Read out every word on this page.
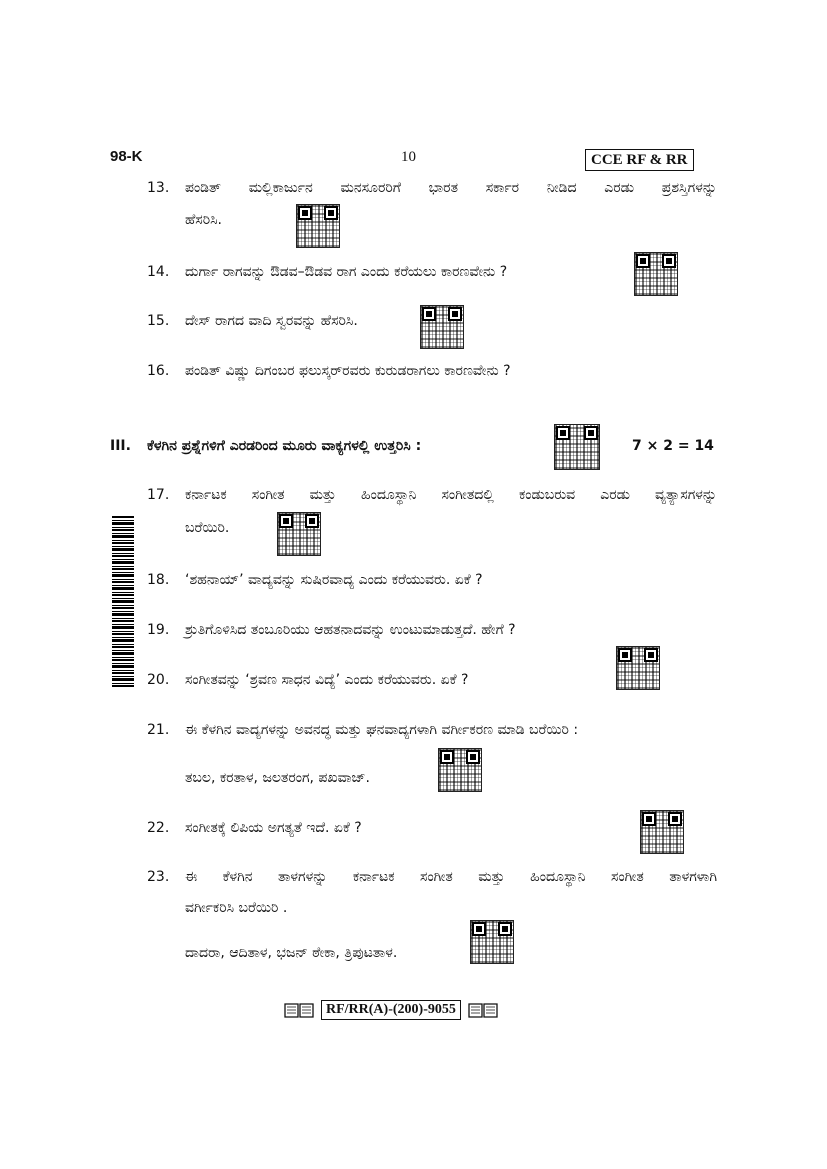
98-K	10	CCE RF & RR
13.	ಪಂಡಿತ್ ಮಲ್ಲಿಕಾರ್ಜುನ ಮನಸೂರರಿಗೆ ಭಾರತ ಸರ್ಕಾರ ನೀಡಿದ ಎರಡು ಪ್ರಶಸ್ತಿಗಳನ್ನು
ಹೆಸರಿಸಿ.
14.	ದುರ್ಗಾ ರಾಗವನ್ನು ಔಡವ–ಔಡವ ರಾಗ ಎಂದು ಕರೆಯಲು ಕಾರಣವೇನು ?
15.	ದೇಸ್ ರಾಗದ ವಾದಿ ಸ್ವರವನ್ನು ಹೆಸರಿಸಿ.
16.	ಪಂಡಿತ್ ವಿಷ್ಣು ದಿಗಂಬರ ಫಲುಸ್ಕರ್‌ರವರು ಕುರುಡರಾಗಲು ಕಾರಣವೇನು ?
III. ಕೆಳಗಿನ ಪ್ರಶ್ನೆಗಳಿಗೆ ಎರಡರಿಂದ ಮೂರು ವಾಕ್ಯಗಳಲ್ಲಿ ಉತ್ತರಿಸಿ :	7 × 2 = 14
17.	ಕರ್ನಾಟಕ ಸಂಗೀತ ಮತ್ತು ಹಿಂದೂಸ್ಥಾನಿ ಸಂಗೀತದಲ್ಲಿ ಕಂಡುಬರುವ ಎರಡು ವ್ಯತ್ಯಾಸಗಳನ್ನು
ಬರೆಯಿರಿ.
18.	‘ಶಹನಾಯ್’ ವಾದ್ಯವನ್ನು ಸುಷಿರವಾದ್ಯ ಎಂದು ಕರೆಯುವರು. ಏಕೆ ?
19.	ಶ್ರುತಿಗೊಳಿಸಿದ ತಂಬೂರಿಯು ಆಹತನಾದವನ್ನು ಉಂಟುಮಾಡುತ್ತದೆ. ಹೇಗೆ ?
20.	ಸಂಗೀತವನ್ನು ‘ಶ್ರವಣ ಸಾಧನ ವಿದ್ಯೆ’ ಎಂದು ಕರೆಯುವರು. ಏಕೆ ?
21.	ಈ ಕೆಳಗಿನ ವಾದ್ಯಗಳನ್ನು ಅವನದ್ಧ ಮತ್ತು ಘನವಾದ್ಯಗಳಾಗಿ ವರ್ಗೀಕರಣ ಮಾಡಿ ಬರೆಯಿರಿ :
ತಬಲ, ಕರತಾಳ, ಜಲತರಂಗ, ಪಖವಾಜ್.
22.	ಸಂಗೀತಕ್ಕೆ ಲಿಪಿಯ ಅಗತ್ಯತೆ ಇದೆ. ಏಕೆ ?
23.	ಈ ಕೆಳಗಿನ ತಾಳಗಳನ್ನು ಕರ್ನಾಟಕ ಸಂಗೀತ ಮತ್ತು ಹಿಂದೂಸ್ಥಾನಿ ಸಂಗೀತ ತಾಳಗಳಾಗಿ
ವರ್ಗೀಕರಿಸಿ ಬರೆಯಿರಿ .
ದಾದರಾ, ಆದಿತಾಳ, ಭಜನ್ ಠೇಕಾ, ತ್ರಿಪುಟತಾಳ.
RF/RR(A)-(200)-9055
